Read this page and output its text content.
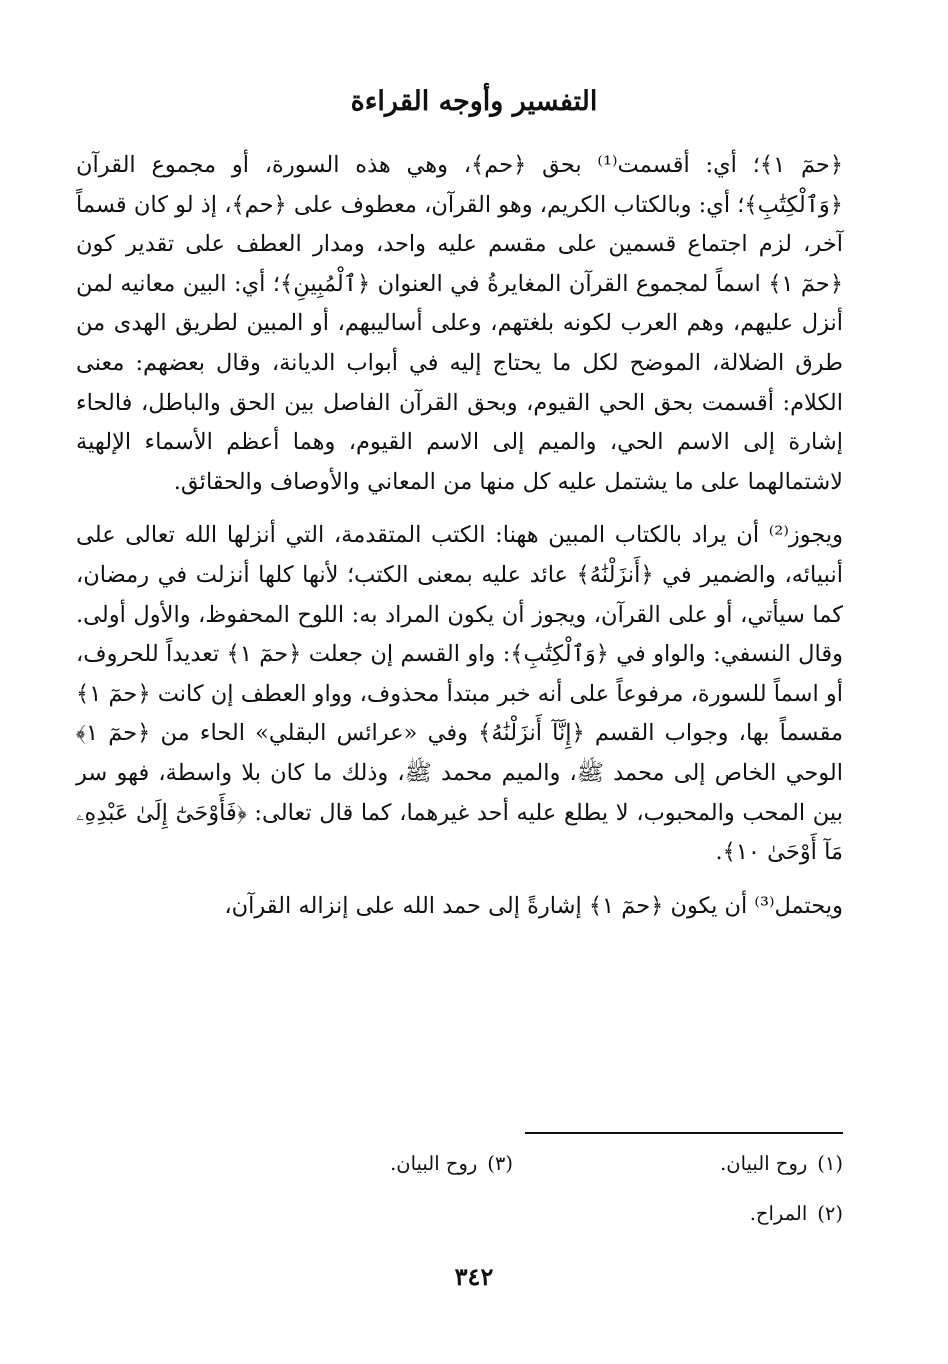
التفسير وأوجه القراءة

﴿حمٓ ١﴾؛ أي: أقسمت⁽¹⁾ بحق ﴿حم﴾، وهي هذه السورة، أو مجموع القرآن ﴿وَٱلْكِتَٰبِ﴾؛ أي: وبالكتاب الكريم، وهو القرآن، معطوف على ﴿حم﴾، إذ لو كان قسماً آخر، لزم اجتماع قسمين على مقسم عليه واحد، ومدار العطف على تقدير كون ﴿حمٓ ١﴾ اسماً لمجموع القرآن المغايرةُ في العنوان ﴿ٱلْمُبِينِ﴾؛ أي: البين معانيه لمن أنزل عليهم، وهم العرب لكونه بلغتهم، وعلى أساليبهم، أو المبين لطريق الهدى من طرق الضلالة، الموضح لكل ما يحتاج إليه في أبواب الديانة، وقال بعضهم: معنى الكلام: أقسمت بحق الحي القيوم، وبحق القرآن الفاصل بين الحق والباطل، فالحاء إشارة إلى الاسم الحي، والميم إلى الاسم القيوم، وهما أعظم الأسماء الإلهية لاشتمالهما على ما يشتمل عليه كل منها من المعاني والأوصاف والحقائق.

ويجوز⁽²⁾ أن يراد بالكتاب المبين ههنا: الكتب المتقدمة، التي أنزلها الله تعالى على أنبيائه، والضمير في ﴿أَنزَلْنَٰهُ﴾ عائد عليه بمعنى الكتب؛ لأنها كلها أنزلت في رمضان، كما سيأتي، أو على القرآن، ويجوز أن يكون المراد به: اللوح المحفوظ، والأول أولى. وقال النسفي: والواو في ﴿وَٱلْكِتَٰبِ﴾: واو القسم إن جعلت ﴿حمٓ ١﴾ تعديداً للحروف، أو اسماً للسورة، مرفوعاً على أنه خبر مبتدأ محذوف، وواو العطف إن كانت ﴿حمٓ ١﴾ مقسماً بها، وجواب القسم ﴿إِنَّآ أَنزَلْنَٰهُ﴾ وفي «عرائس البقلي» الحاء من ﴿حمٓ ١﴾ الوحي الخاص إلى محمد ﷺ، والميم محمد ﷺ، وذلك ما كان بلا واسطة، فهو سر بين المحب والمحبوب، لا يطلع عليه أحد غيرهما، كما قال تعالى: ﴿فَأَوْحَىٰٓ إِلَىٰ عَبْدِهِۦ مَآ أَوْحَىٰ ١٠﴾.

ويحتمل⁽³⁾ أن يكون ﴿حمٓ ١﴾ إشارةً إلى حمد الله على إنزاله القرآن،

(١)روح البيان.
(٣)روح البيان.
(٢)المراح.
٣٤٢
